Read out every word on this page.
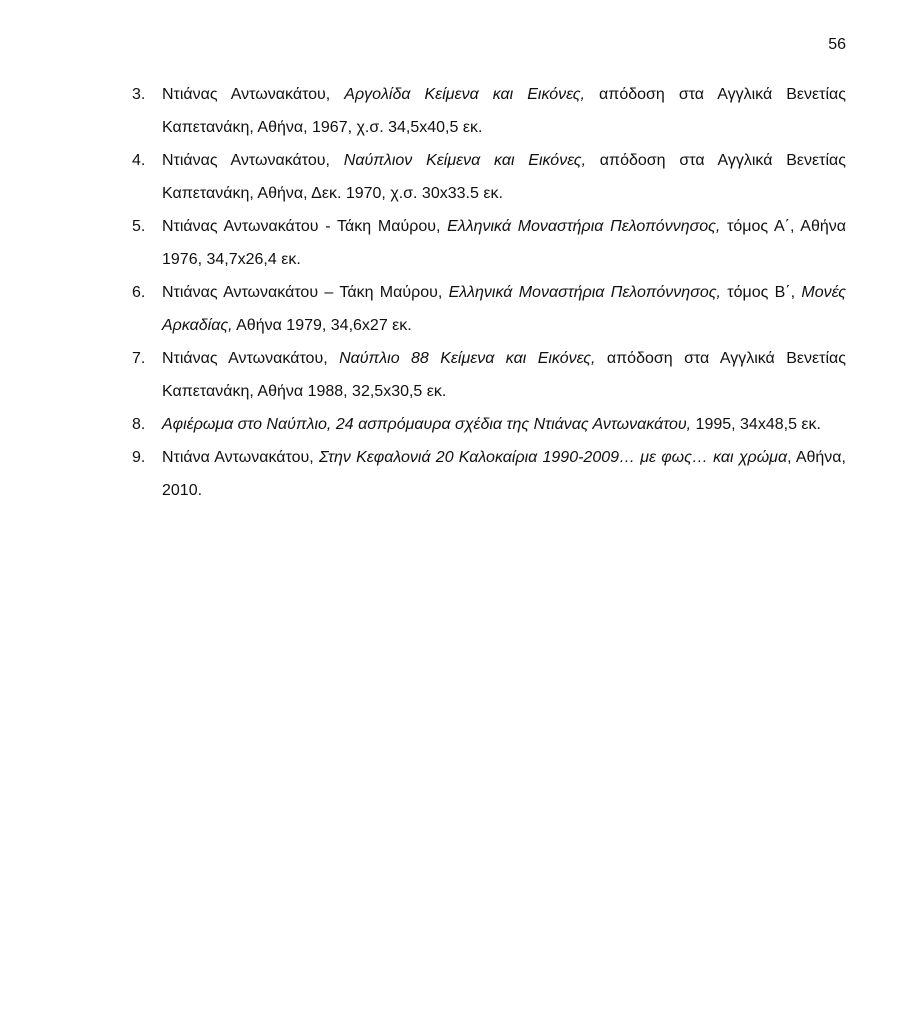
56
3. Ντιάνας Αντωνακάτου, Αργολίδα Κείμενα και Εικόνες, απόδοση στα Αγγλικά Βενετίας Καπετανάκη, Αθήνα, 1967, χ.σ. 34,5x40,5 εκ.
4. Ντιάνας Αντωνακάτου, Ναύπλιον Κείμενα και Εικόνες, απόδοση στα Αγγλικά Βενετίας Καπετανάκη, Αθήνα, Δεκ. 1970, χ.σ. 30x33.5 εκ.
5. Ντιάνας Αντωνακάτου - Τάκη Μαύρου, Ελληνικά Μοναστήρια Πελοπόννησος, τόμος Α΄, Αθήνα 1976, 34,7x26,4 εκ.
6. Ντιάνας Αντωνακάτου – Τάκη Μαύρου, Ελληνικά Μοναστήρια Πελοπόννησος, τόμος Β΄, Μονές Αρκαδίας, Αθήνα 1979, 34,6x27 εκ.
7. Ντιάνας Αντωνακάτου, Ναύπλιο 88 Κείμενα και Εικόνες, απόδοση στα Αγγλικά Βενετίας Καπετανάκη, Αθήνα 1988, 32,5x30,5 εκ.
8. Αφιέρωμα στο Ναύπλιο, 24 ασπρόμαυρα σχέδια της Ντιάνας Αντωνακάτου, 1995, 34x48,5 εκ.
9. Ντιάνα Αντωνακάτου, Στην Κεφαλονιά 20 Καλοκαίρια 1990-2009… με φως… και χρώμα, Αθήνα, 2010.
